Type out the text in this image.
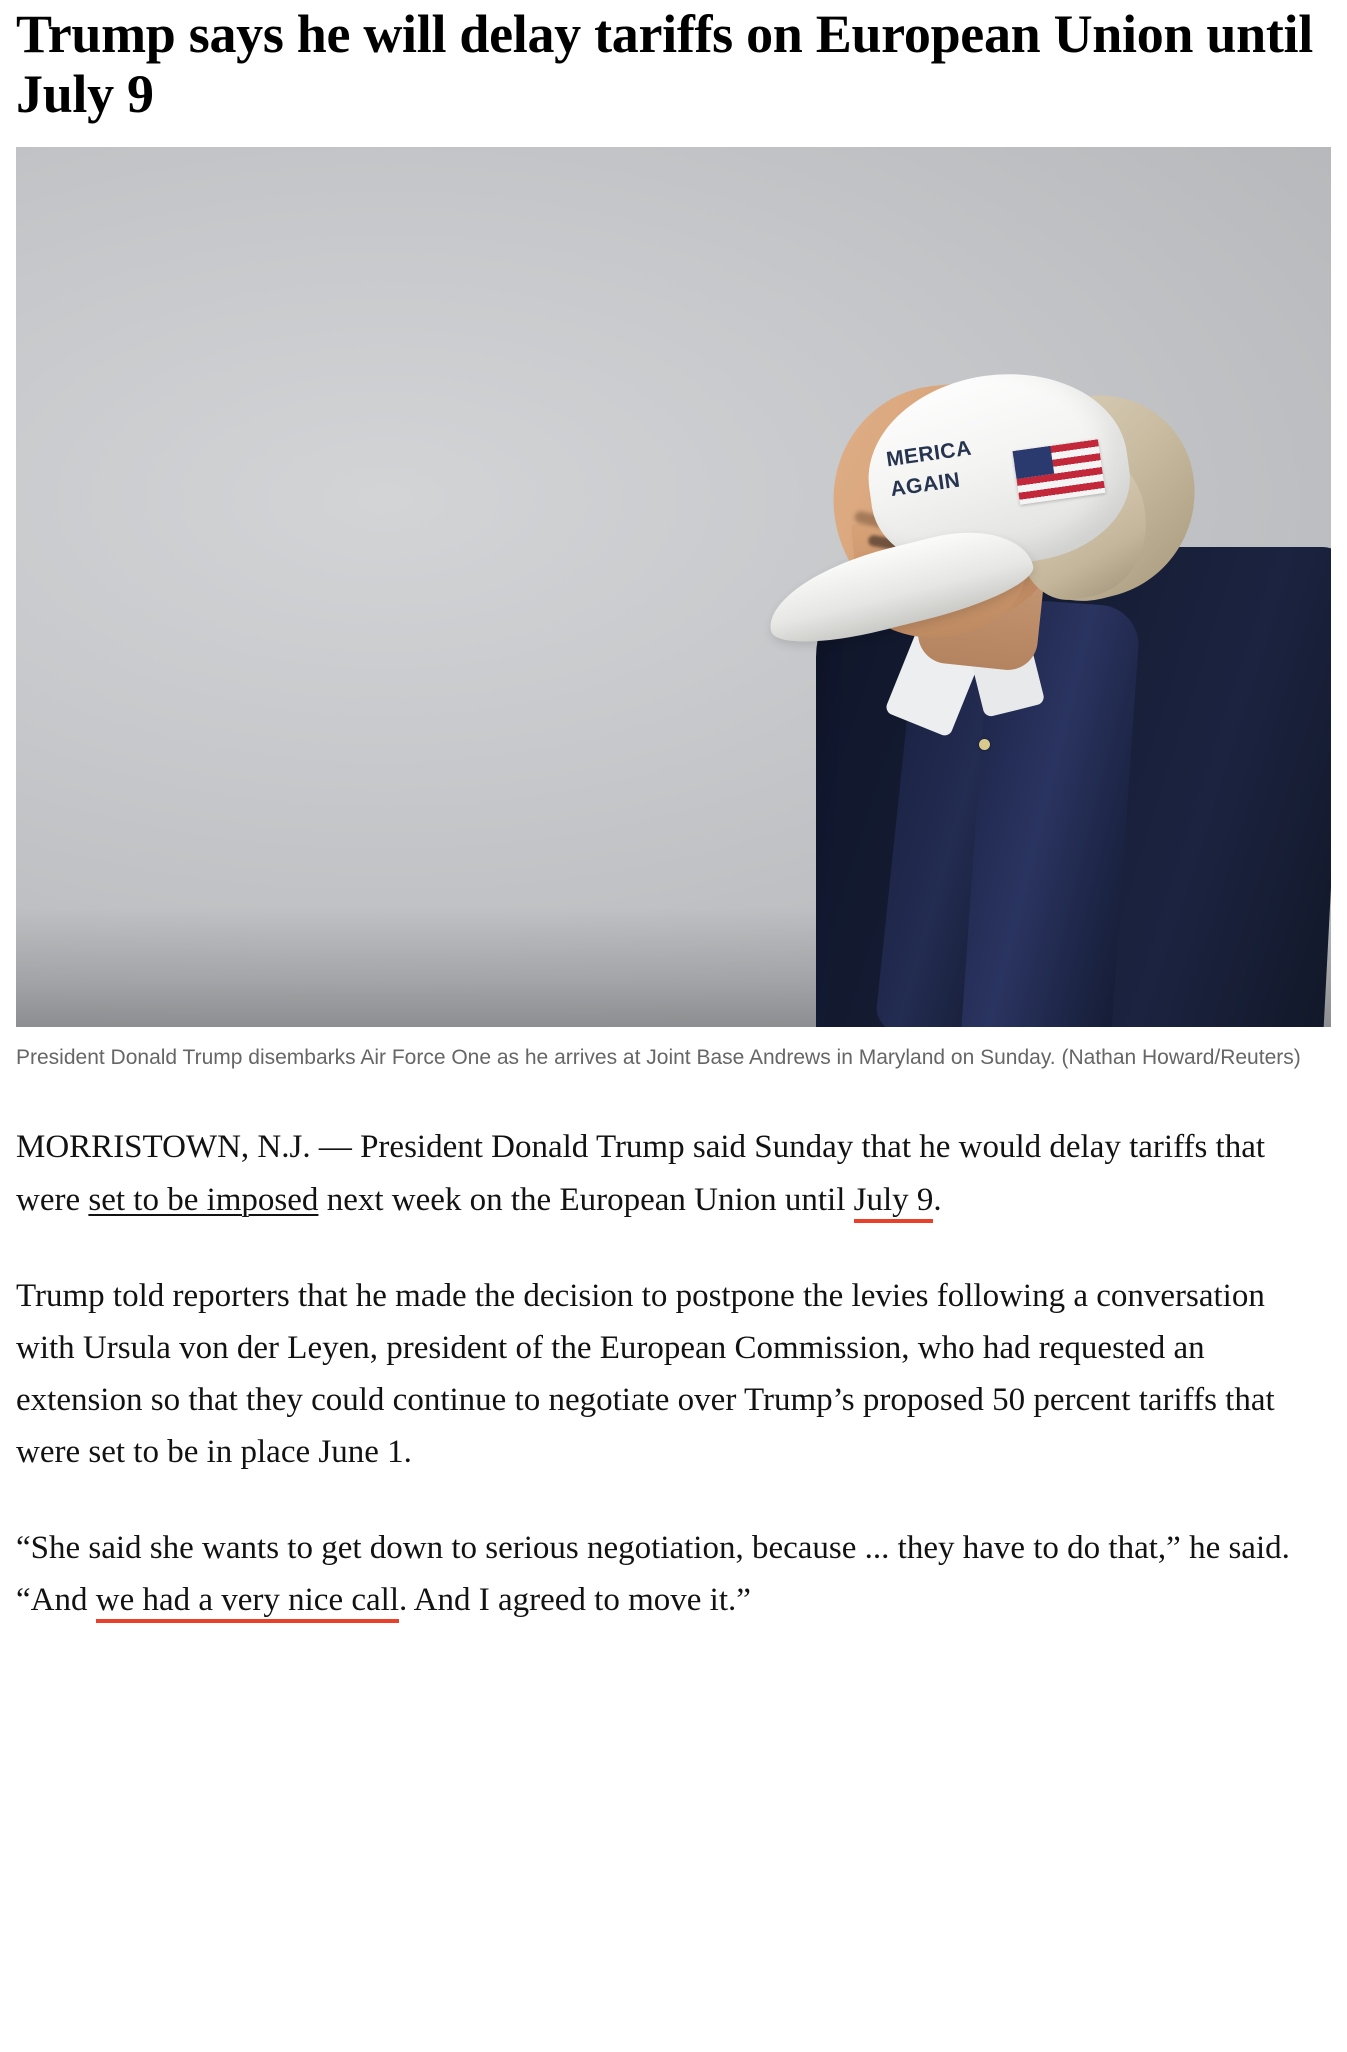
Trump says he will delay tariffs on European Union until July 9
MERICA
AGAIN
President Donald Trump disembarks Air Force One as he arrives at Joint Base Andrews in Maryland on Sunday. (Nathan Howard/Reuters)

MORRISTOWN, N.J. — President Donald Trump said Sunday that he would delay tariffs that were set to be imposed next week on the European Union until July 9.

Trump told reporters that he made the decision to postpone the levies following a conversation with Ursula von der Leyen, president of the European Commission, who had requested an extension so that they could continue to negotiate over Trump’s proposed 50 percent tariffs that were set to be in place June 1.

“She said she wants to get down to serious negotiation, because ... they have to do that,” he said. “And we had a very nice call. And I agreed to move it.”
